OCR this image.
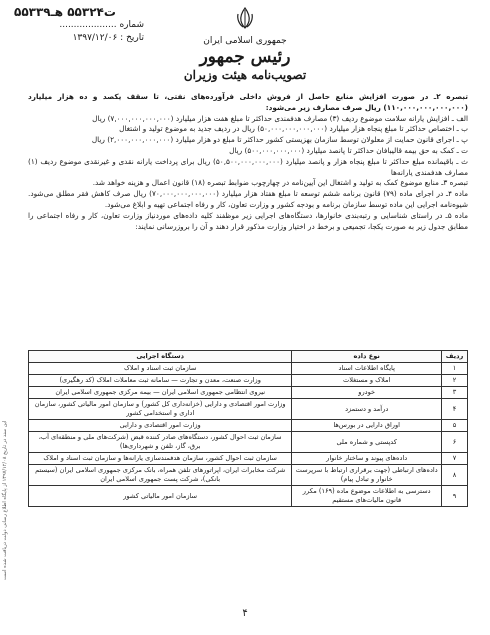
۵۵۳۳۹ت۵۵۳۲۴ هـ
شماره ....................
تاریخ : ۱۳۹۷/۱۲/۰۶	جمهوری اسلامی ایران
رئیس جمهور
تصویب‌نامه هیئت وزیران

تبصره ۲ـ در صورت افزایش منابع حاصل از فروش داخلی فرآورده‌های نفتی، تا سقف یکصد و ده هزار میلیارد (۱۱۰,۰۰۰,۰۰۰,۰۰۰,۰۰۰) ریال صرف مصارف زیر می‌شود:

الف ـ افزایش یارانه سلامت موضوع ردیف (۳) مصارف هدفمندی حداکثر تا مبلغ هفت هزار میلیارد (۷,۰۰۰,۰۰۰,۰۰۰,۰۰۰) ریال

ب ـ اختصاص حداکثر تا مبلغ پنجاه هزار میلیارد (۵۰,۰۰۰,۰۰۰,۰۰۰,۰۰۰) ریال در ردیف جدید به موضوع تولید و اشتغال

پ ـ اجرای قانون حمایت از معلولان توسط سازمان بهزیستی کشور حداکثر تا مبلغ دو هزار میلیارد (۲,۰۰۰,۰۰۰,۰۰۰,۰۰۰) ریال

ت ـ کمک به حق بیمه قالیبافان حداکثر تا پانصد میلیارد (۵۰۰,۰۰۰,۰۰۰,۰۰۰) ریال

ث ـ باقیمانده مبلغ حداکثر تا مبلغ پنجاه هزار و پانصد میلیارد (۵۰,۵۰۰,۰۰۰,۰۰۰,۰۰۰) ریال برای پرداخت یارانه نقدی و غیرنقدی موضوع ردیف (۱) مصارف هدفمندی یارانه‌ها

تبصره ۳ـ منابع موضوع کمک به تولید و اشتغال این آیین‌نامه در چهارچوب ضوابط تبصره (۱۸) قانون اعمال و هزینه خواهد شد.

ماده ۴ـ در اجرای ماده (۷۹) قانون برنامه ششم توسعه تا مبلغ هفتاد هزار میلیارد (۷۰,۰۰۰,۰۰۰,۰۰۰,۰۰۰) ریال صرف کاهش فقر مطلق می‌شود. شیوه‌نامه اجرایی این ماده توسط سازمان برنامه و بودجه کشور و وزارت تعاون، کار و رفاه اجتماعی تهیه و ابلاغ می‌شود.

ماده ۵ـ در راستای شناسایی و رتبه‌بندی خانوارها، دستگاه‌های اجرایی زیر موظفند کلیه داده‌های موردنیاز وزارت تعاون، کار و رفاه اجتماعی را مطابق جدول زیر به صورت یکجا، تجمیعی و برخط در اختیار وزارت مذکور قرار دهند و آن را بروزرسانی نمایند:

ردیف	نوع داده	دستگاه اجرایی
۱	پایگاه اطلاعات اسناد	سازمان ثبت اسناد و املاک
۲	املاک و مستغلات	وزارت صنعت، معدن و تجارت — سامانه ثبت معاملات املاک (کد رهگیری)
۳	خودرو	نیروی انتظامی جمهوری اسلامی ایران — بیمه مرکزی جمهوری اسلامی ایران
۴	درآمد و دستمزد	وزارت امور اقتصادی و دارایی (خزانه‌داری کل کشور) و سازمان امور مالیاتی کشور، سازمان اداری و استخدامی کشور
۵	اوراق دارایی در بورس‌ها	وزارت امور اقتصادی و دارایی
۶	کدپستی و شماره ملی	سازمان ثبت احوال کشور، دستگاه‌های صادر کننده قبض (شرکت‌های ملی و منطقه‌ای آب، برق، گاز، تلفن و شهرداری‌ها)
۷	داده‌های پیوند و ساختار خانوار	سازمان ثبت احوال کشور، سازمان هدفمندسازی یارانه‌ها و سازمان ثبت اسناد و املاک
۸	داده‌های ارتباطی (جهت برقراری ارتباط با سرپرست خانوار و تبادل پیام)	شرکت مخابرات ایران، اپراتورهای تلفن همراه، بانک مرکزی جمهوری اسلامی ایران (سیستم بانکی)، شرکت پست جمهوری اسلامی ایران
۹	دسترسی به اطلاعات موضوع ماده (۱۶۹) مکرر قانون مالیات‌های مستقیم	سازمان امور مالیاتی کشور
این سند در تاریخ ۱۳۹۷/۱۲/۰۸ از پایگاه اطلاع رسانی دولت دریافت شده است
۴
